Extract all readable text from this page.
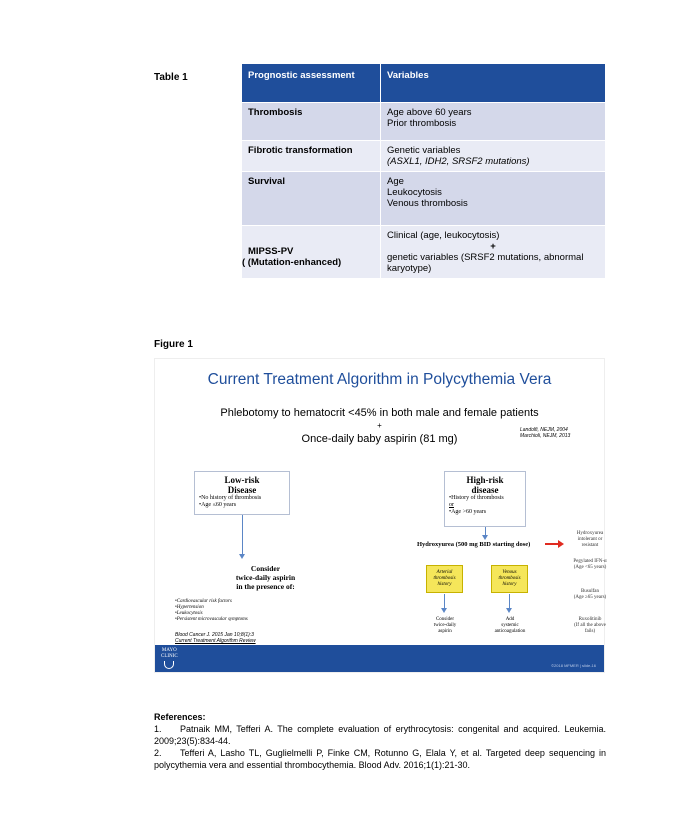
Table 1	Prognostic assessment	Variables
Thrombosis	Age above 60 years
Prior thrombosis

Fibrotic transformation	Genetic variables
(ASXL1, IDH2, SRSF2 mutations)

Survival	Age
Leukocytosis
Venous thrombosis

MIPSS-PV
( (Mutation-enhanced)	Clinical (age, leukocytosis)
+
genetic variables (SRSF2 mutations, abnormal
karyotype)
Figure 1
Current Treatment Algorithm in Polycythemia Vera
Phlebotomy to hematocrit <45% in both male and female patients
+
Once-daily baby aspirin (81 mg)
Landolfi, NEJM, 2004
Marchioli, NEJM, 2013
Low-risk
Disease
•No history of thrombosis
•Age ≤60 years
High-risk
disease
•History of thrombosis
or
•Age >60 years
Consider
twice-daily aspirin
in the presence of:
•Cardiovascular risk factors
•Hypertension
•Leukocytosis
•Persistent microvascular symptoms
Blood Cancer J. 2015 Jan 10;8(1):3
Current Treatment Algorithm Review
Hydroxyurea (500 mg BID starting dose)
Hydroxyurea
intolerant or
resistant
Pegylated IFN-α
(Age <65 years)
Busulfan
(Age ≥65 years)
Ruxolitinib
(If all the above
fails)
Arterial
thrombosis
history
Venous
thrombosis
history
Consider
twice-daily
aspirin
Add
systemic
anticoagulation
MAYO
CLINIC
©2018 MFMER | slide-16
References:

1. Patnaik MM, Tefferi A. The complete evaluation of erythrocytosis: congenital and acquired. Leukemia. 2009;23(5):834-44.

2. Tefferi A, Lasho TL, Guglielmelli P, Finke CM, Rotunno G, Elala Y, et al. Targeted deep sequencing in polycythemia vera and essential thrombocythemia. Blood Adv. 2016;1(1):21-30.
